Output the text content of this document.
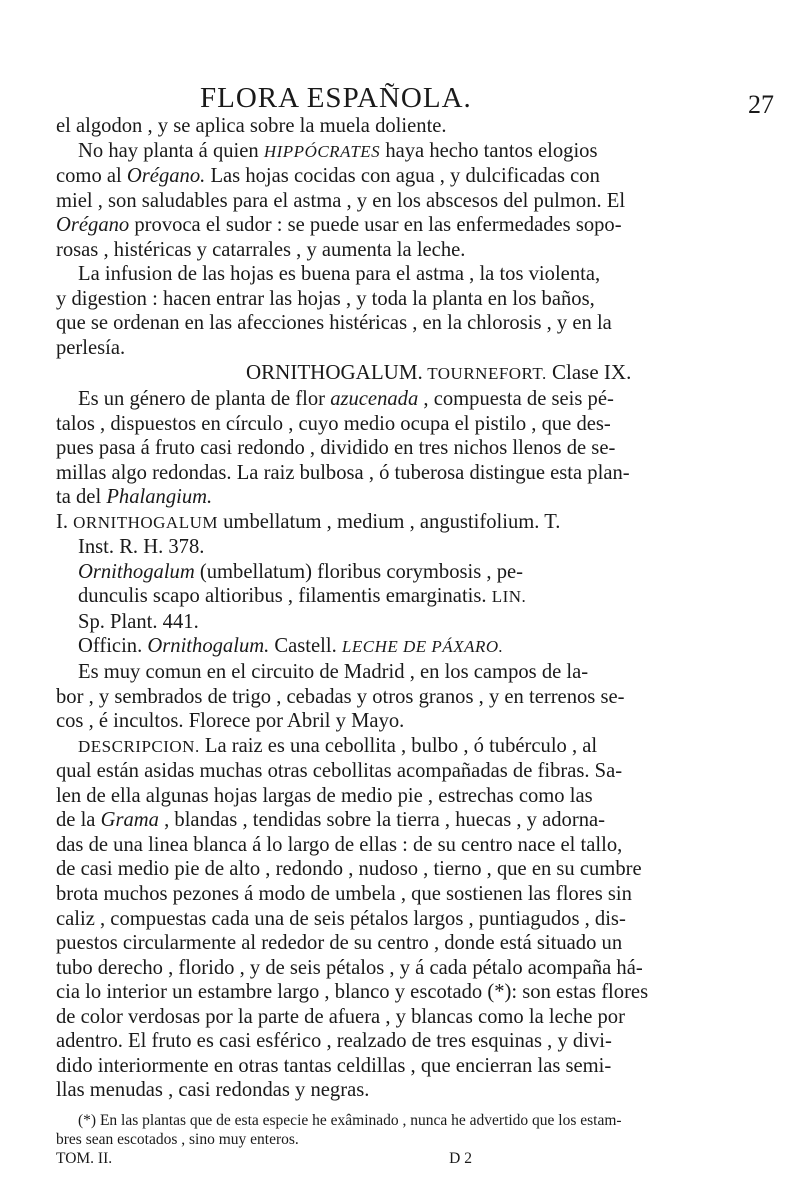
FLORA ESPAÑOLA.	27

el algodon , y se aplica sobre la muela doliente.

No hay planta á quien HIPPÓCRATES haya hecho tantos elogios

como al Orégano. Las hojas cocidas con agua , y dulcificadas con

miel , son saludables para el astma , y en los abscesos del pulmon. El

Orégano provoca el sudor : se puede usar en las enfermedades sopo-

rosas , histéricas y catarrales , y aumenta la leche.

La infusion de las hojas es buena para el astma , la tos violenta,

y digestion : hacen entrar las hojas , y toda la planta en los baños,

que se ordenan en las afecciones histéricas , en la chlorosis , y en la

perlesía.

ORNITHOGALUM. TOURNEFORT. Clase IX.

Es un género de planta de flor azucenada , compuesta de seis pé-

talos , dispuestos en círculo , cuyo medio ocupa el pistilo , que des-

pues pasa á fruto casi redondo , dividido en tres nichos llenos de se-

millas algo redondas. La raiz bulbosa , ó tuberosa distingue esta plan-

ta del Phalangium.

I. ORNITHOGALUM umbellatum , medium , angustifolium. T.

Inst. R. H. 378.

Ornithogalum (umbellatum) floribus corymbosis , pe-

dunculis scapo altioribus , filamentis emarginatis. LIN.

Sp. Plant. 441.

Officin. Ornithogalum. Castell. LECHE DE PÁXARO.

Es muy comun en el circuito de Madrid , en los campos de la-

bor , y sembrados de trigo , cebadas y otros granos , y en terrenos se-

cos , é incultos. Florece por Abril y Mayo.

DESCRIPCION. La raiz es una cebollita , bulbo , ó tubérculo , al

qual están asidas muchas otras cebollitas acompañadas de fibras. Sa-

len de ella algunas hojas largas de medio pie , estrechas como las

de la Grama , blandas , tendidas sobre la tierra , huecas , y adorna-

das de una linea blanca á lo largo de ellas : de su centro nace el tallo,

de casi medio pie de alto , redondo , nudoso , tierno , que en su cumbre

brota muchos pezones á modo de umbela , que sostienen las flores sin

caliz , compuestas cada una de seis pétalos largos , puntiagudos , dis-

puestos circularmente al rededor de su centro , donde está situado un

tubo derecho , florido , y de seis pétalos , y á cada pétalo acompaña há-

cia lo interior un estambre largo , blanco y escotado (*): son estas flores

de color verdosas por la parte de afuera , y blancas como la leche por

adentro. El fruto es casi esférico , realzado de tres esquinas , y divi-

dido interiormente en otras tantas celdillas , que encierran las semi-

llas menudas , casi redondas y negras.

(*) En las plantas que de esta especie he exâminado , nunca he advertido que los estam-

bres sean escotados , sino muy enteros.

TOM. II.	D 2
